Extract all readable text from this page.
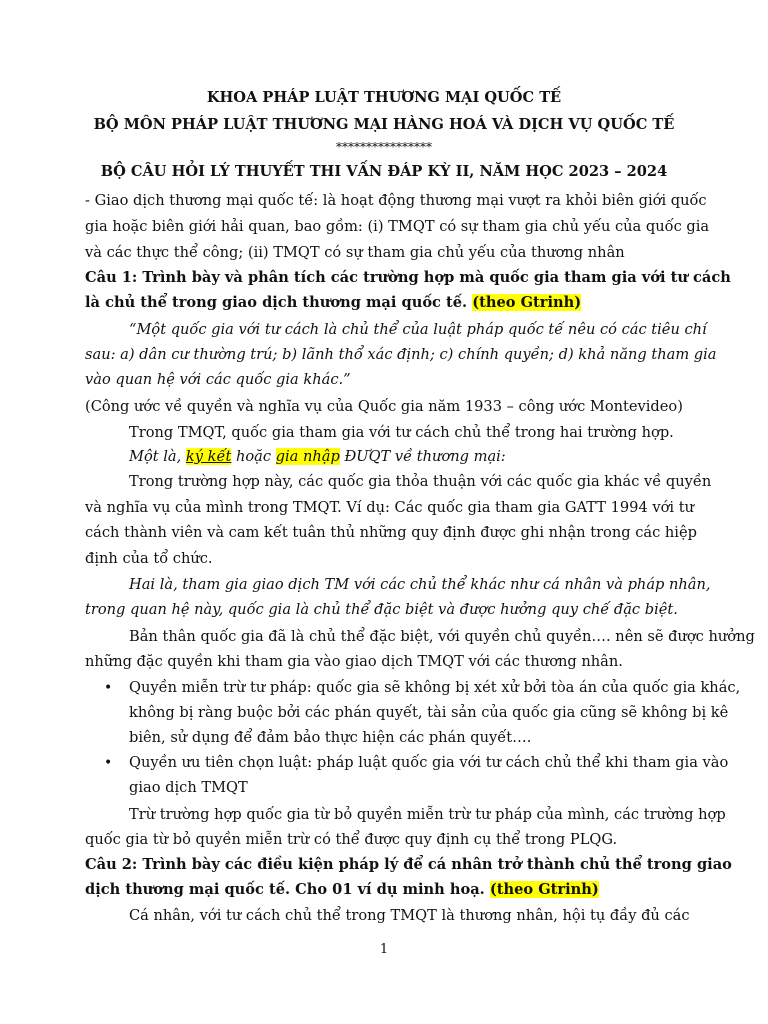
KHOA PHÁP LUẬT THƯƠNG MẠI QUỐC TẾ
BỘ MÔN PHÁP LUẬT THƯƠNG MẠI HÀNG HOÁ VÀ DỊCH VỤ QUỐC TẾ
****************
BỘ CÂU HỎI LÝ THUYẾT THI VẤN ĐÁP KỲ II, NĂM HỌC 2023 – 2024
- Giao dịch thương mại quốc tế: là hoạt động thương mại vượt ra khỏi biên giới quốc
gia hoặc biên giới hải quan, bao gồm: (i) TMQT có sự tham gia chủ yếu của quốc gia
và các thực thể công; (ii) TMQT có sự tham gia chủ yếu của thương nhân
Câu 1: Trình bày và phân tích các trường hợp mà quốc gia tham gia với tư cách
là chủ thể trong giao dịch thương mại quốc tế. (theo Gtrinh)
“Một quốc gia với tư cách là chủ thể của luật pháp quốc tế nêu có các tiêu chí
sau: a) dân cư thường trú; b) lãnh thổ xác định; c) chính quyền; d) khả năng tham gia
vào quan hệ với các quốc gia khác.”
(Công ước về quyền và nghĩa vụ của Quốc gia năm 1933 – công ước Montevideo)
Trong TMQT, quốc gia tham gia với tư cách chủ thể trong hai trường hợp.
Một là, ký kết hoặc gia nhập ĐƯQT về thương mại:
Trong trường hợp này, các quốc gia thỏa thuận với các quốc gia khác về quyền
và nghĩa vụ của mình trong TMQT. Ví dụ: Các quốc gia tham gia GATT 1994 với tư
cách thành viên và cam kết tuân thủ những quy định được ghi nhận trong các hiệp
định của tổ chức.
Hai là, tham gia giao dịch TM với các chủ thể khác như cá nhân và pháp nhân,
trong quan hệ này, quốc gia là chủ thể đặc biệt và được hưởng quy chế đặc biệt.
Bản thân quốc gia đã là chủ thể đặc biệt, với quyền chủ quyền…. nên sẽ được hưởng
những đặc quyền khi tham gia vào giao dịch TMQT với các thương nhân.
• Quyền miễn trừ tư pháp: quốc gia sẽ không bị xét xử bởi tòa án của quốc gia khác,
không bị ràng buộc bởi các phán quyết, tài sản của quốc gia cũng sẽ không bị kê
biên, sử dụng để đảm bảo thực hiện các phán quyết….
• Quyền ưu tiên chọn luật: pháp luật quốc gia với tư cách chủ thể khi tham gia vào
giao dịch TMQT
Trừ trường hợp quốc gia từ bỏ quyền miễn trừ tư pháp của mình, các trường hợp
quốc gia từ bỏ quyền miễn trừ có thể được quy định cụ thể trong PLQG.
Câu 2: Trình bày các điều kiện pháp lý để cá nhân trở thành chủ thể trong giao
dịch thương mại quốc tế. Cho 01 ví dụ minh hoạ. (theo Gtrinh)
Cá nhân, với tư cách chủ thể trong TMQT là thương nhân, hội tụ đầy đủ các
1
